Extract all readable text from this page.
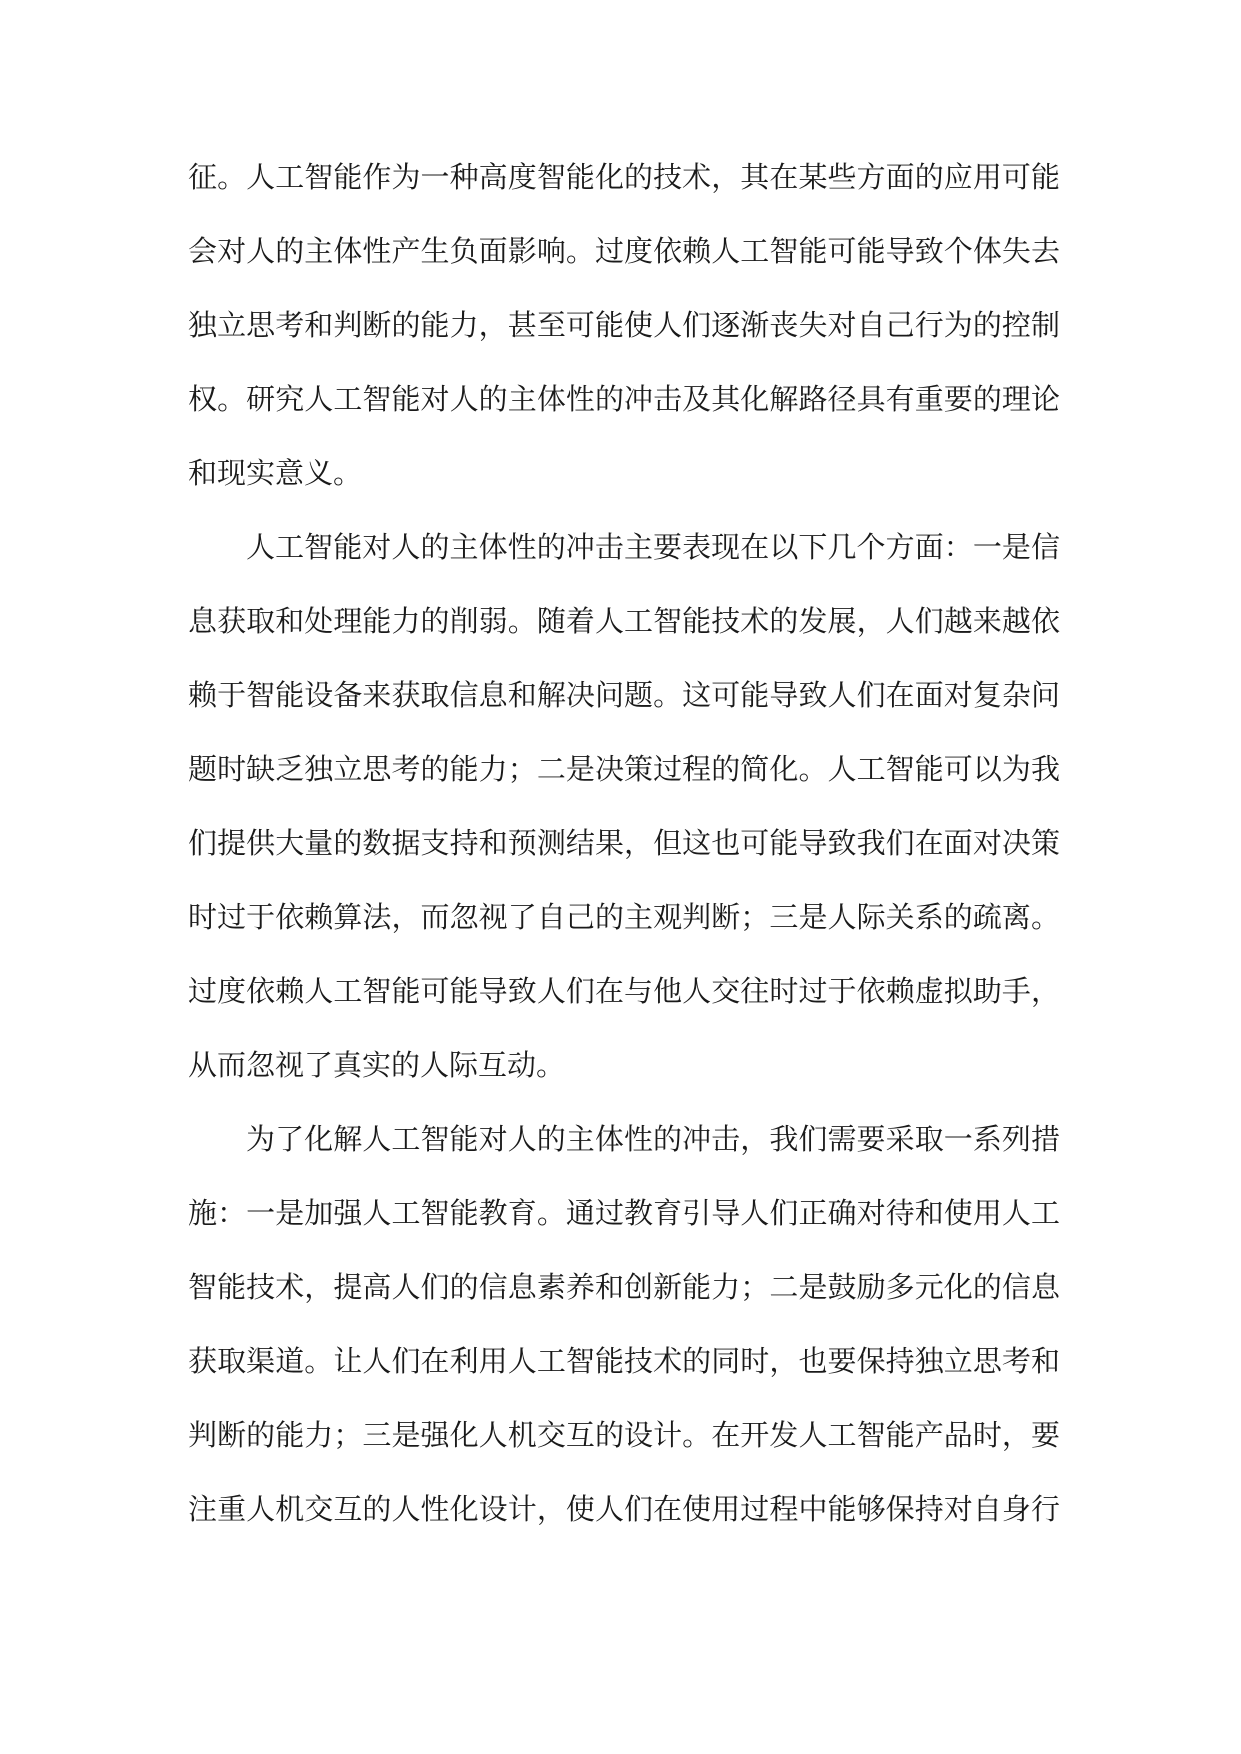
征。人工智能作为一种高度智能化的技术，其在某些方面的应用可能
会对人的主体性产生负面影响。过度依赖人工智能可能导致个体失去
独立思考和判断的能力，甚至可能使人们逐渐丧失对自己行为的控制
权。研究人工智能对人的主体性的冲击及其化解路径具有重要的理论
和现实意义。

人工智能对人的主体性的冲击主要表现在以下几个方面：一是信
息获取和处理能力的削弱。随着人工智能技术的发展，人们越来越依
赖于智能设备来获取信息和解决问题。这可能导致人们在面对复杂问
题时缺乏独立思考的能力；二是决策过程的简化。人工智能可以为我
们提供大量的数据支持和预测结果，但这也可能导致我们在面对决策
时过于依赖算法，而忽视了自己的主观判断；三是人际关系的疏离。
过度依赖人工智能可能导致人们在与他人交往时过于依赖虚拟助手，
从而忽视了真实的人际互动。

为了化解人工智能对人的主体性的冲击，我们需要采取一系列措
施：一是加强人工智能教育。通过教育引导人们正确对待和使用人工
智能技术，提高人们的信息素养和创新能力；二是鼓励多元化的信息
获取渠道。让人们在利用人工智能技术的同时，也要保持独立思考和
判断的能力；三是强化人机交互的设计。在开发人工智能产品时，要
注重人机交互的人性化设计，使人们在使用过程中能够保持对自身行
